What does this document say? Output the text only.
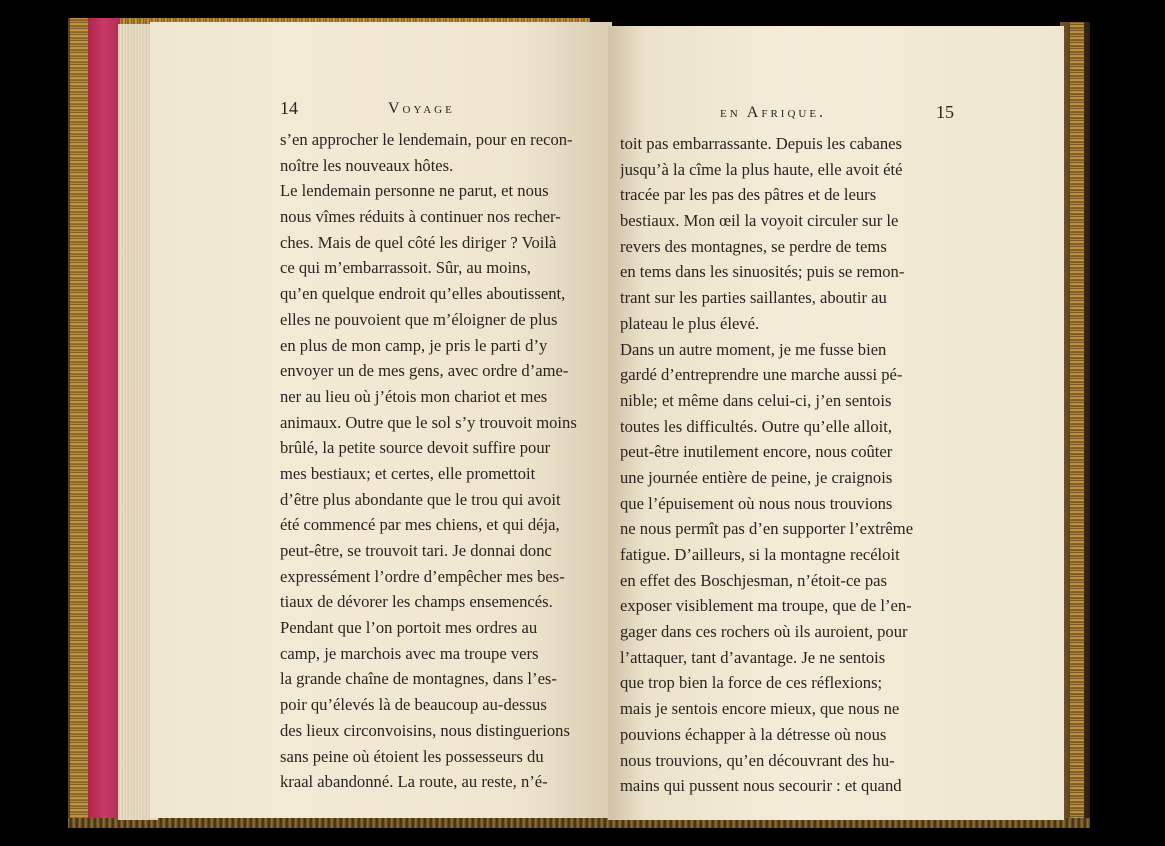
14	Voyage
s’en approcher le lendemain, pour en recon-
noître les nouveaux hôtes.
Le lendemain personne ne parut, et nous
nous vîmes réduits à continuer nos recher-
ches. Mais de quel côté les diriger ? Voilà
ce qui m’embarrassoit. Sûr, au moins,
qu’en quelque endroit qu’elles aboutissent,
elles ne pouvoient que m’éloigner de plus
en plus de mon camp, je pris le parti d’y
envoyer un de mes gens, avec ordre d’ame-
ner au lieu où j’étois mon chariot et mes
animaux. Outre que le sol s’y trouvoit moins
brûlé, la petite source devoit suffire pour
mes bestiaux; et certes, elle promettoit
d’être plus abondante que le trou qui avoit
été commencé par mes chiens, et qui déja,
peut-être, se trouvoit tari. Je donnai donc
expressément l’ordre d’empêcher mes bes-
tiaux de dévorer les champs ensemencés.
Pendant que l’on portoit mes ordres au
camp, je marchois avec ma troupe vers
la grande chaîne de montagnes, dans l’es-
poir qu’élevés là de beaucoup au-dessus
des lieux circonvoisins, nous distinguerions
sans peine où étoient les possesseurs du
kraal abandonné. La route, au reste, n’é-
en Afrique.	15
toit pas embarrassante. Depuis les cabanes
jusqu’à la cîme la plus haute, elle avoit été
tracée par les pas des pâtres et de leurs
bestiaux. Mon œil la voyoit circuler sur le
revers des montagnes, se perdre de tems
en tems dans les sinuosités; puis se remon-
trant sur les parties saillantes, aboutir au
plateau le plus élevé.
Dans un autre moment, je me fusse bien
gardé d’entreprendre une marche aussi pé-
nible; et même dans celui-ci, j’en sentois
toutes les difficultés. Outre qu’elle alloit,
peut-être inutilement encore, nous coûter
une journée entière de peine, je craignois
que l’épuisement où nous nous trouvions
ne nous permît pas d’en supporter l’extrême
fatigue. D’ailleurs, si la montagne recéloit
en effet des Boschjesman, n’étoit-ce pas
exposer visiblement ma troupe, que de l’en-
gager dans ces rochers où ils auroient, pour
l’attaquer, tant d’avantage. Je ne sentois
que trop bien la force de ces réflexions;
mais je sentois encore mieux, que nous ne
pouvions échapper à la détresse où nous
nous trouvions, qu’en découvrant des hu-
mains qui pussent nous secourir : et quand
